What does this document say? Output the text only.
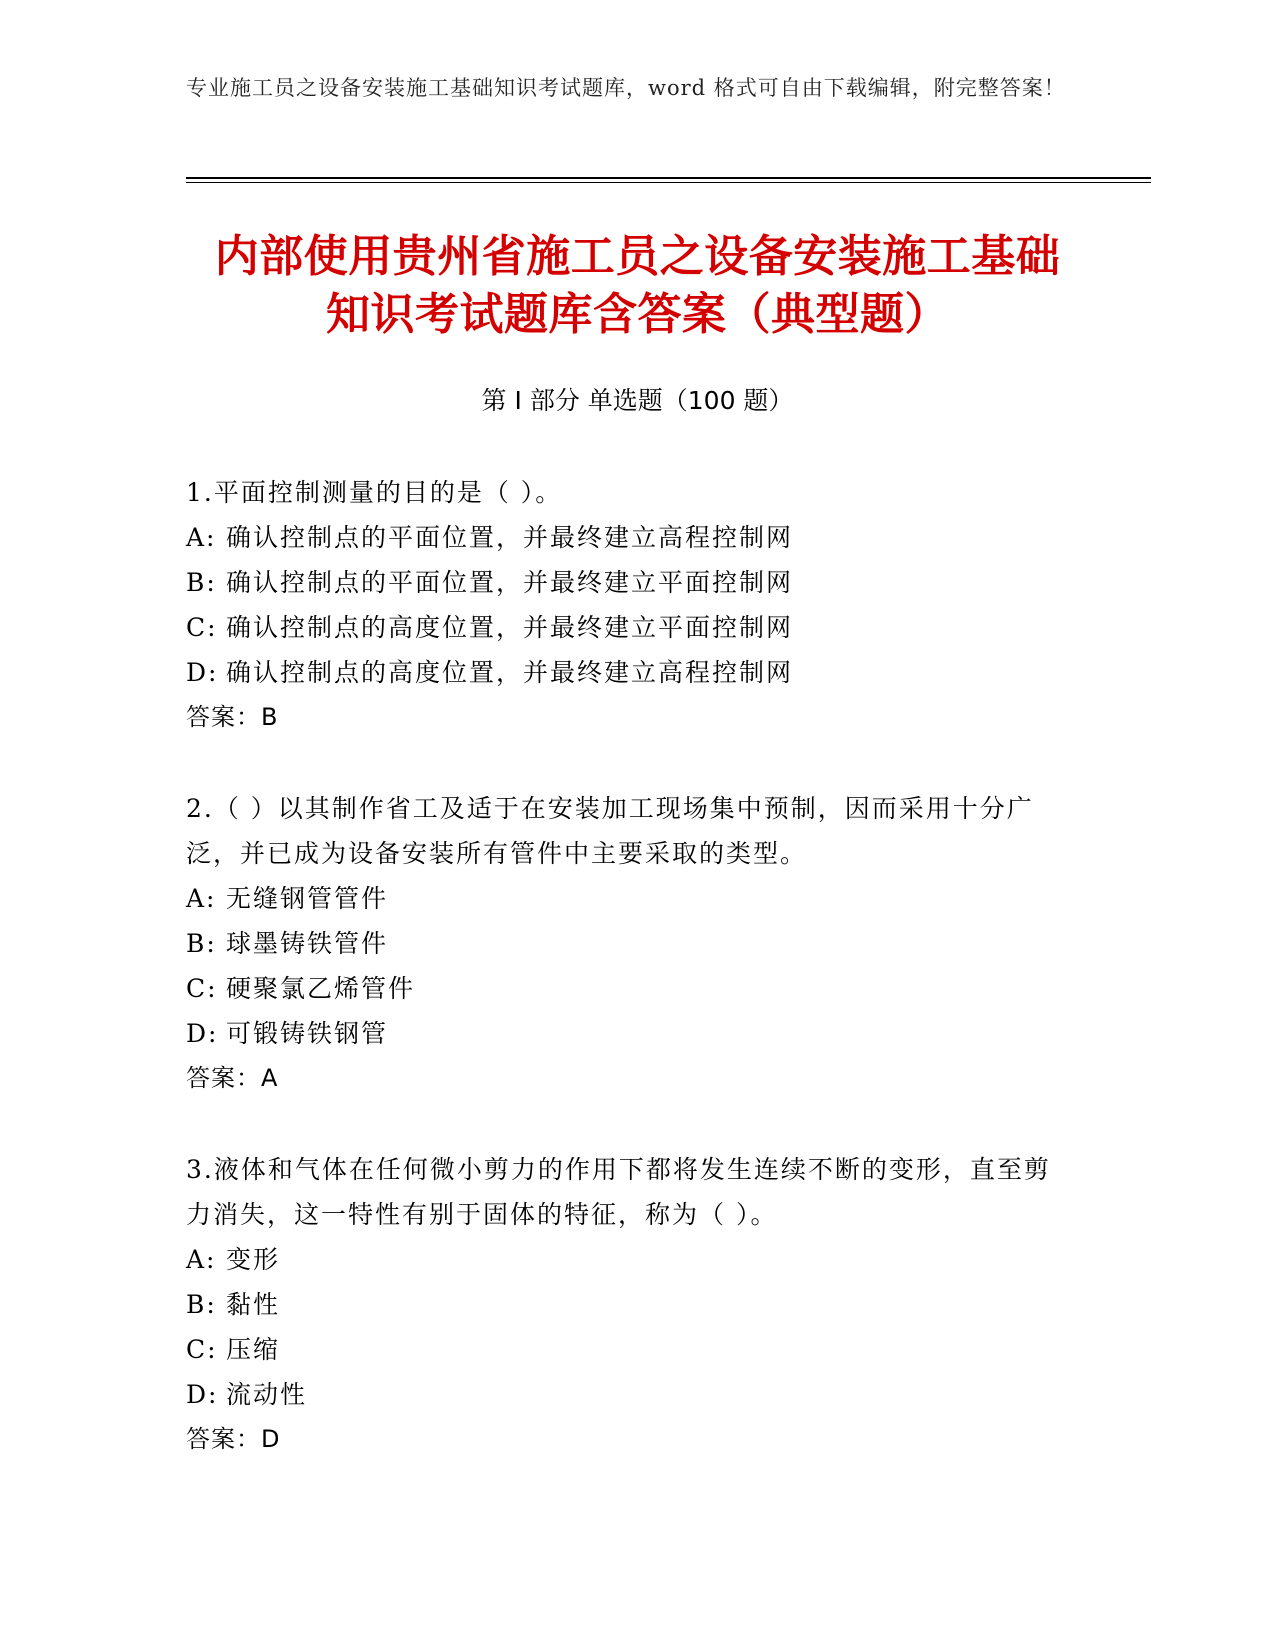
专业施工员之设备安装施工基础知识考试题库，word 格式可自由下载编辑，附完整答案！
内部使用贵州省施工员之设备安装施工基础
知识考试题库含答案（典型题）
第 I 部分 单选题（100 题）

1.平面控制测量的目的是（ ）。

A: 确认控制点的平面位置，并最终建立高程控制网

B: 确认控制点的平面位置，并最终建立平面控制网

C: 确认控制点的高度位置，并最终建立平面控制网

D: 确认控制点的高度位置，并最终建立高程控制网

答案：B

2.（ ）以其制作省工及适于在安装加工现场集中预制，因而采用十分广泛，并已成为设备安装所有管件中主要采取的类型。

A: 无缝钢管管件

B: 球墨铸铁管件

C: 硬聚氯乙烯管件

D: 可锻铸铁钢管

答案：A

3.液体和气体在任何微小剪力的作用下都将发生连续不断的变形，直至剪力消失，这一特性有别于固体的特征，称为（ ）。

A: 变形

B: 黏性

C: 压缩

D: 流动性

答案：D
